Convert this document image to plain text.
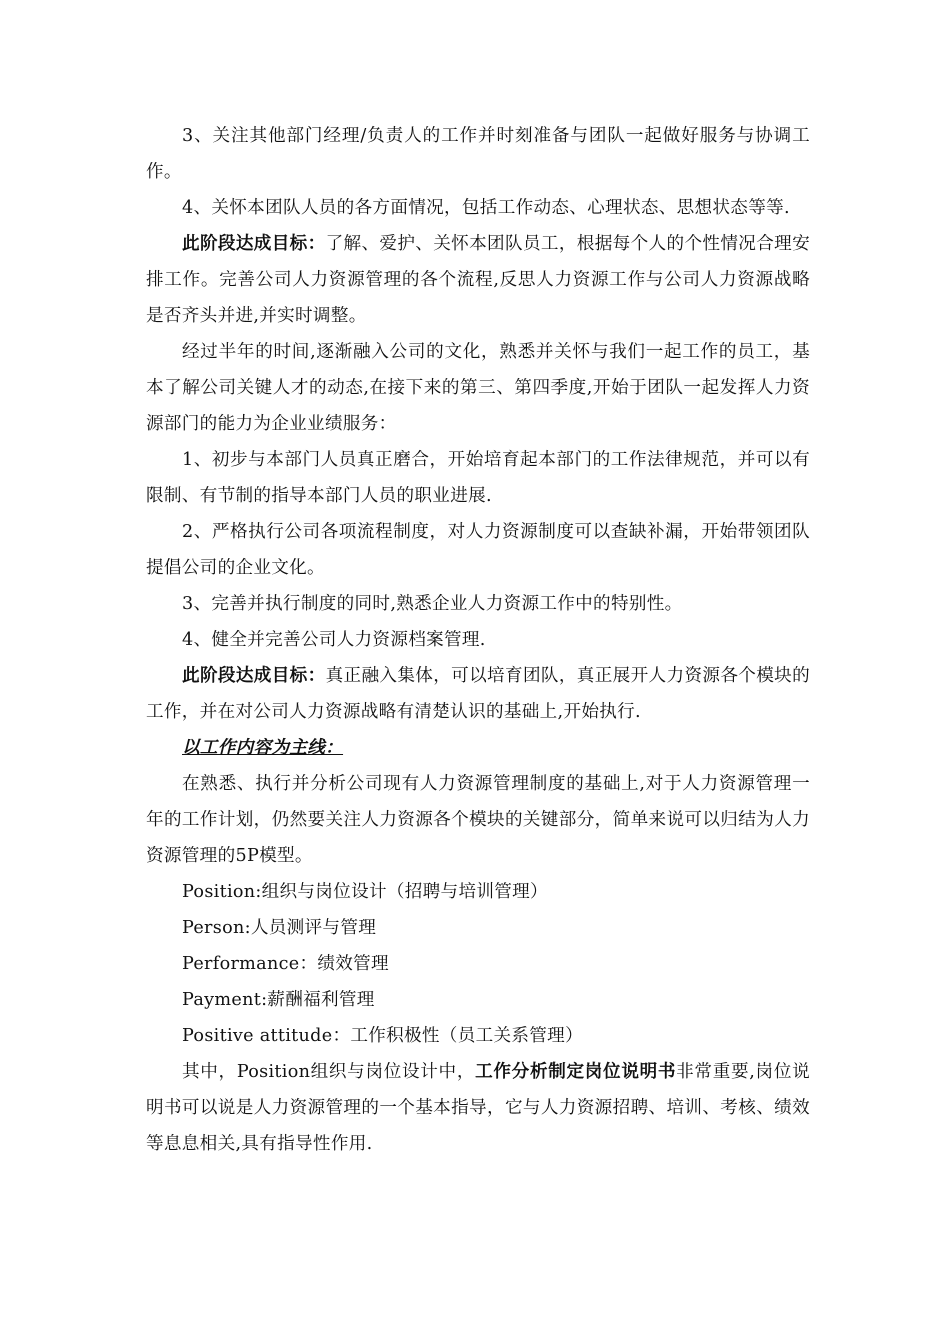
3、关注其他部门经理/负责人的工作并时刻准备与团队一起做好服务与协调工作。

4、关怀本团队人员的各方面情况，包括工作动态、心理状态、思想状态等等.

此阶段达成目标：了解、爱护、关怀本团队员工，根据每个人的个性情况合理安排工作。完善公司人力资源管理的各个流程,反思人力资源工作与公司人力资源战略是否齐头并进,并实时调整。

经过半年的时间,逐渐融入公司的文化，熟悉并关怀与我们一起工作的员工，基本了解公司关键人才的动态,在接下来的第三、第四季度,开始于团队一起发挥人力资源部门的能力为企业业绩服务：

1、初步与本部门人员真正磨合，开始培育起本部门的工作法律规范，并可以有限制、有节制的指导本部门人员的职业进展.

2、严格执行公司各项流程制度，对人力资源制度可以查缺补漏，开始带领团队提倡公司的企业文化。

3、完善并执行制度的同时,熟悉企业人力资源工作中的特别性。

4、健全并完善公司人力资源档案管理.

此阶段达成目标：真正融入集体，可以培育团队，真正展开人力资源各个模块的工作，并在对公司人力资源战略有清楚认识的基础上,开始执行.

以工作内容为主线：

在熟悉、执行并分析公司现有人力资源管理制度的基础上,对于人力资源管理一年的工作计划，仍然要关注人力资源各个模块的关键部分，简单来说可以归结为人力资源管理的5P模型。

Position:组织与岗位设计（招聘与培训管理）

Person:人员测评与管理

Performance：绩效管理

Payment:薪酬福利管理

Positive attitude：工作积极性（员工关系管理）

其中，Position组织与岗位设计中，工作分析制定岗位说明书非常重要,岗位说明书可以说是人力资源管理的一个基本指导，它与人力资源招聘、培训、考核、绩效等息息相关,具有指导性作用.
